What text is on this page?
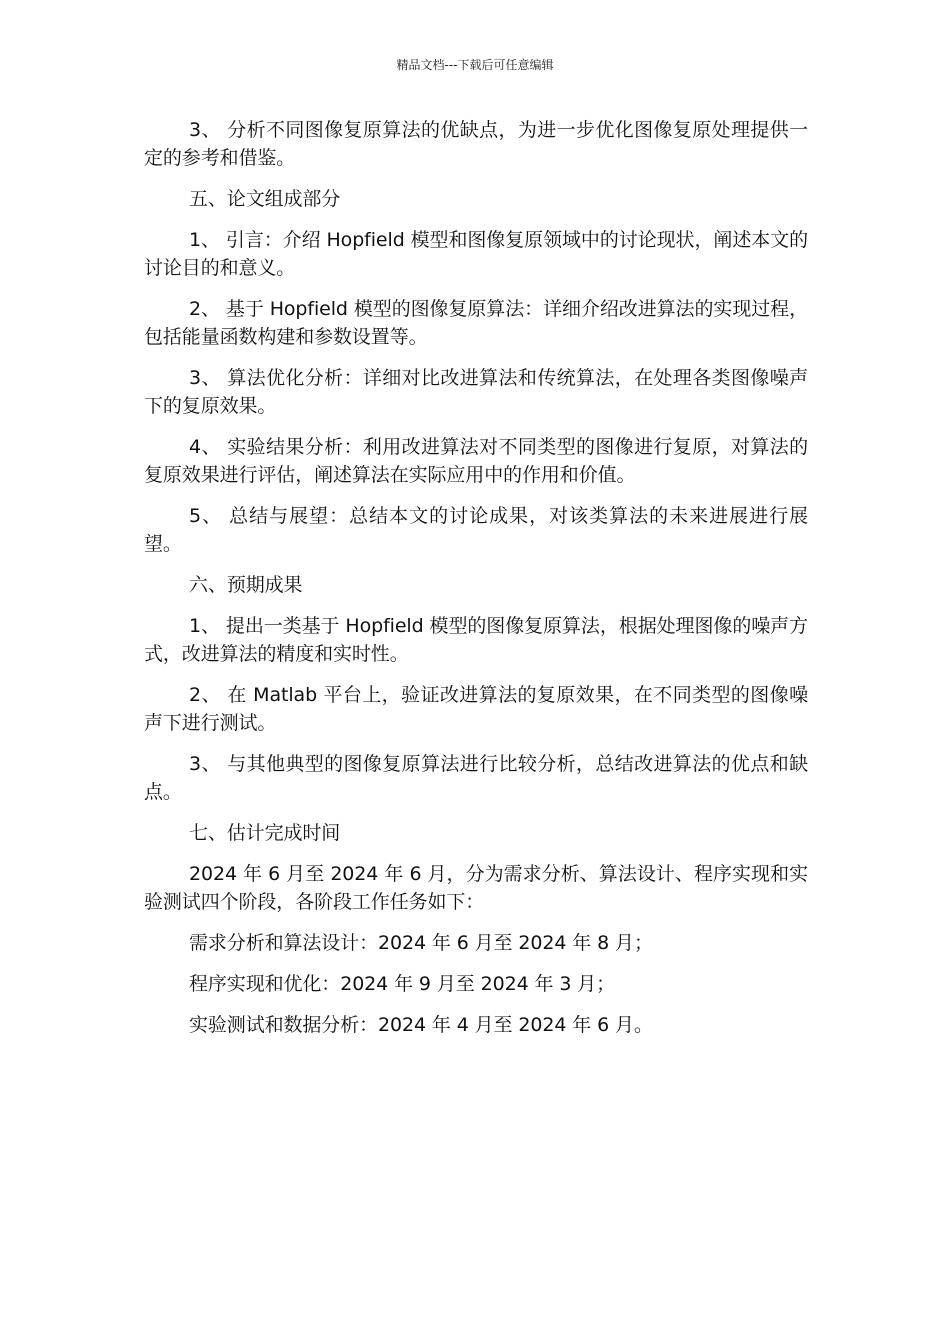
精品文档---下载后可任意编辑

3、 分析不同图像复原算法的优缺点，为进一步优化图像复原处理提供一定的参考和借鉴。

五、论文组成部分

1、 引言：介绍 Hopfield 模型和图像复原领域中的讨论现状，阐述本文的讨论目的和意义。

2、 基于 Hopfield 模型的图像复原算法：详细介绍改进算法的实现过程，包括能量函数构建和参数设置等。

3、 算法优化分析：详细对比改进算法和传统算法，在处理各类图像噪声下的复原效果。

4、 实验结果分析：利用改进算法对不同类型的图像进行复原，对算法的复原效果进行评估，阐述算法在实际应用中的作用和价值。

5、 总结与展望：总结本文的讨论成果，对该类算法的未来进展进行展望。

六、预期成果

1、 提出一类基于 Hopfield 模型的图像复原算法，根据处理图像的噪声方式，改进算法的精度和实时性。

2、 在 Matlab 平台上，验证改进算法的复原效果，在不同类型的图像噪声下进行测试。

3、 与其他典型的图像复原算法进行比较分析，总结改进算法的优点和缺点。

七、估计完成时间

2024 年 6 月至 2024 年 6 月，分为需求分析、算法设计、程序实现和实验测试四个阶段，各阶段工作任务如下：

需求分析和算法设计：2024 年 6 月至 2024 年 8 月；

程序实现和优化：2024 年 9 月至 2024 年 3 月；

实验测试和数据分析：2024 年 4 月至 2024 年 6 月。
